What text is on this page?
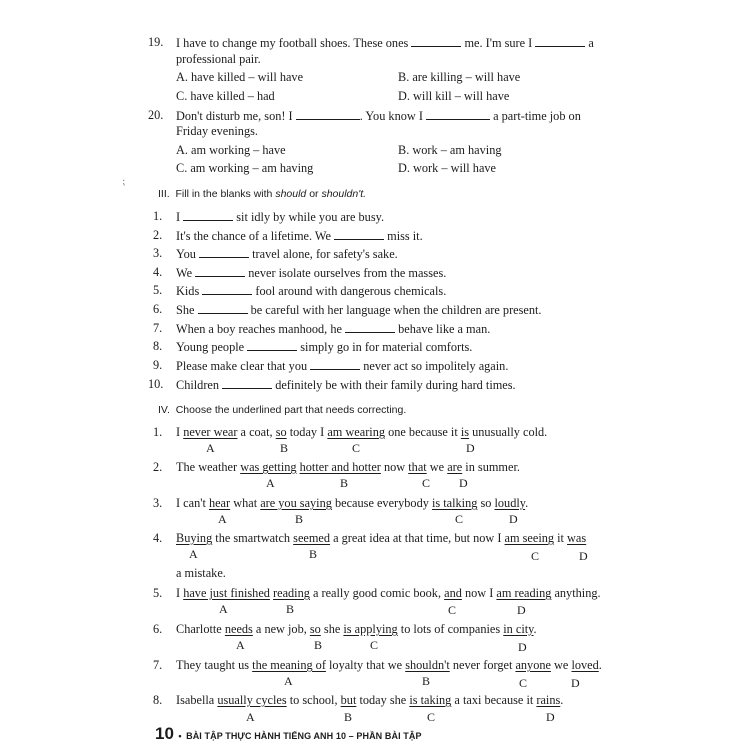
⁏
19. I have to change my football shoes. These ones	me. I'm sure I	a
professional pair.
A. have killed – will have	B. are killing – will have
C. have killed – had	D. will kill – will have
20. Don't disturb me, son! I	. You know I	a part-time job on
Friday evenings.
A. am working – have	B. work – am having
C. am working – am having	D. work – will have
III. Fill in the blanks with should or shouldn't.
1. I	sit idly by while you are busy.
2. It's the chance of a lifetime. We	miss it.
3. You	travel alone, for safety's sake.
4. We	never isolate ourselves from the masses.
5. Kids	fool around with dangerous chemicals.
6. She	be careful with her language when the children are present.
7. When a boy reaches manhood, he	behave like a man.
8. Young people	simply go in for material comforts.
9. Please make clear that you	never act so impolitely again.
10. Children	definitely be with their family during hard times.
IV. Choose the underlined part that needs correcting.
1. I never wear a coat, so today I am wearing one because it is unusually cold.
A	B	C	D
2. The weather was getting hotter and hotter now that we are in summer.
A	B	C D
3. I can't hear what are you saying because everybody is talking so loudly.
A	B	C	D
4. Buying the smartwatch seemed a great idea at that time, but now I am seeing it was
A	B	C	D
a mistake.
5. I have just finished reading a really good comic book, and now I am reading anything.
A	B	C	D
6. Charlotte needs a new job, so she is applying to lots of companies in city.
A	B	C	D
7. They taught us the meaning of loyalty that we shouldn't never forget anyone we loved.
A	B	C	D
8. Isabella usually cycles to school, but today she is taking a taxi because it rains.
A	B	C	D
10 • BÀI TẬP THỰC HÀNH TIẾNG ANH 10 – PHẦN BÀI TẬP
